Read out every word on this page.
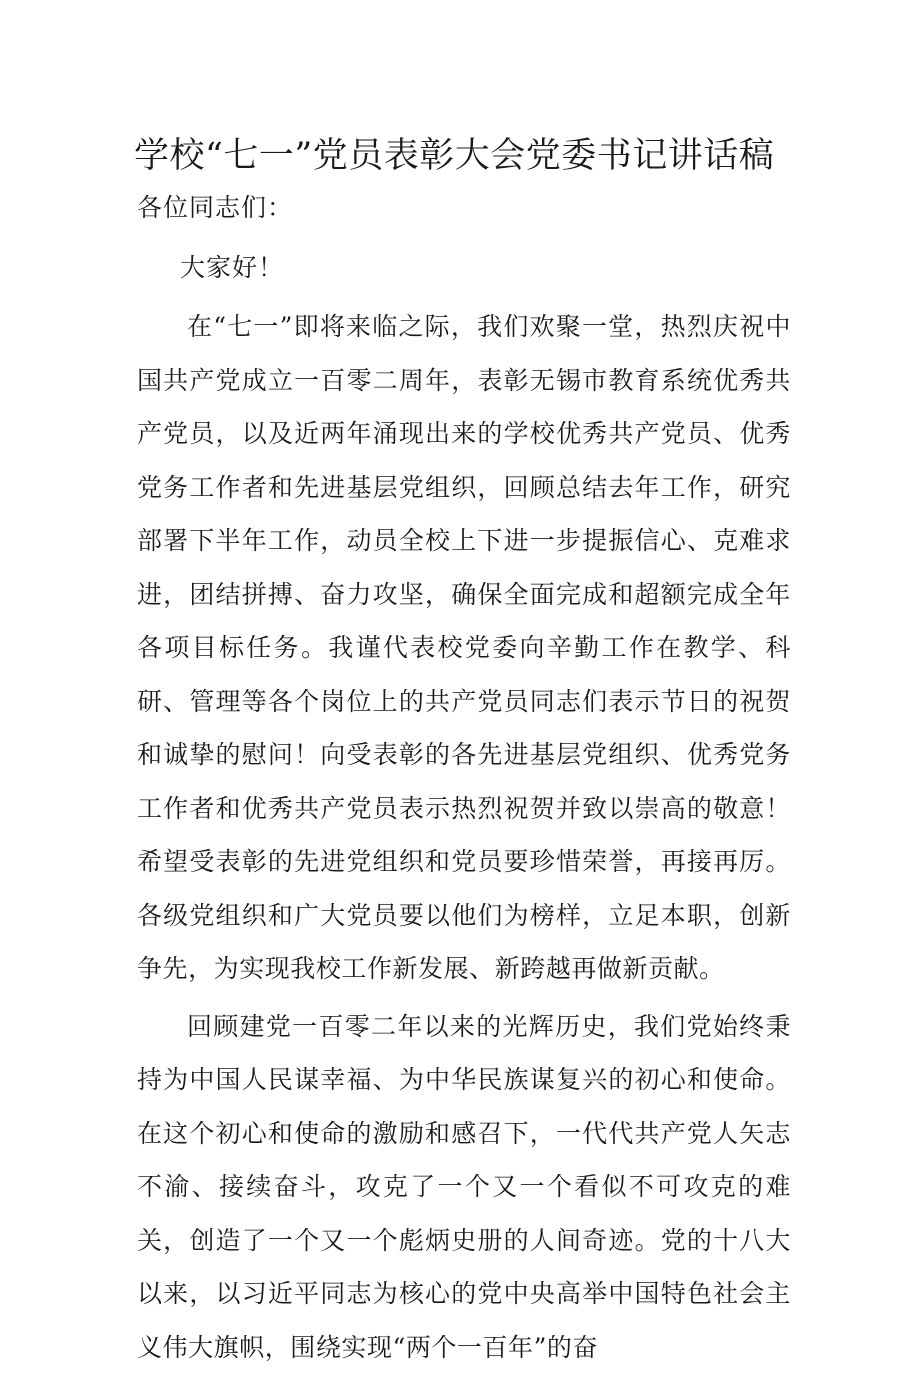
学校“七一”党员表彰大会党委书记讲话稿

各位同志们：

大家好！

在“七一”即将来临之际，我们欢聚一堂，热烈庆祝中国共产党成立一百零二周年，表彰无锡市教育系统优秀共产党员，以及近两年涌现出来的学校优秀共产党员、优秀党务工作者和先进基层党组织，回顾总结去年工作，研究部署下半年工作，动员全校上下进一步提振信心、克难求进，团结拼搏、奋力攻坚，确保全面完成和超额完成全年各项目标任务。我谨代表校党委向辛勤工作在教学、科研、管理等各个岗位上的共产党员同志们表示节日的祝贺和诚挚的慰问！向受表彰的各先进基层党组织、优秀党务工作者和优秀共产党员表示热烈祝贺并致以崇高的敬意！希望受表彰的先进党组织和党员要珍惜荣誉，再接再厉。各级党组织和广大党员要以他们为榜样，立足本职，创新争先，为实现我校工作新发展、新跨越再做新贡献。

回顾建党一百零二年以来的光辉历史，我们党始终秉持为中国人民谋幸福、为中华民族谋复兴的初心和使命。在这个初心和使命的激励和感召下，一代代共产党人矢志不渝、接续奋斗，攻克了一个又一个看似不可攻克的难关，创造了一个又一个彪炳史册的人间奇迹。党的十八大以来，以习近平同志为核心的党中央高举中国特色社会主义伟大旗帜，围绕实现“两个一百年”的奋
